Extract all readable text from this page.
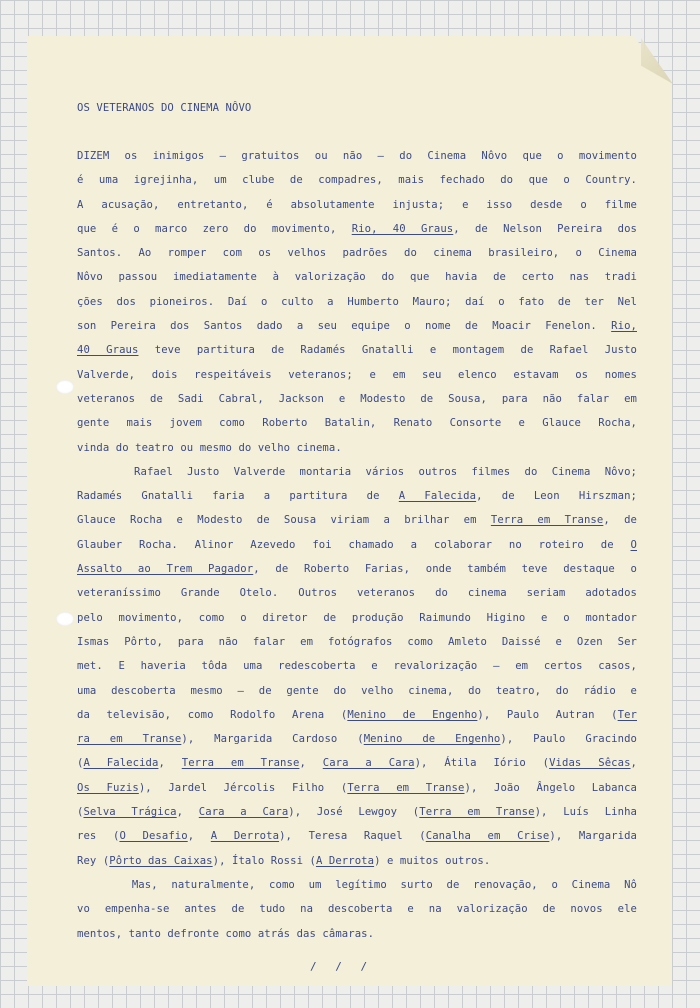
OS VETERANOS DO CINEMA NÔVO
DIZEM os inimigos — gratuitos ou não — do Cinema Nôvo que o movimento
é uma igrejinha, um clube de compadres, mais fechado do que o Country.
A acusação, entretanto, é absolutamente injusta; e isso desde o filme
que é o marco zero do movimento, Rio, 40 Graus, de Nelson Pereira dos
Santos. Ao romper com os velhos padrões do cinema brasileiro, o Cinema
Nôvo passou imediatamente à valorização do que havia de certo nas tradi
ções dos pioneiros. Daí o culto a Humberto Mauro; daí o fato de ter Nel
son Pereira dos Santos dado a seu equipe o nome de Moacir Fenelon. Rio,
40 Graus teve partitura de Radamés Gnatalli e montagem de Rafael Justo
Valverde, dois respeitáveis veteranos; e em seu elenco estavam os nomes
veteranos de Sadi Cabral, Jackson e Modesto de Sousa, para não falar em
gente mais jovem como Roberto Batalin, Renato Consorte e Glauce Rocha,
vinda do teatro ou mesmo do velho cinema.
Rafael Justo Valverde montaria vários outros filmes do Cinema Nôvo;
Radamés Gnatalli faria a partitura de A Falecida, de Leon Hirszman;
Glauce Rocha e Modesto de Sousa viriam a brilhar em Terra em Transe, de
Glauber Rocha. Alinor Azevedo foi chamado a colaborar no roteiro de O
Assalto ao Trem Pagador, de Roberto Farias, onde também teve destaque o
veteraníssimo Grande Otelo. Outros veteranos do cinema seriam adotados
pelo movimento, como o diretor de produção Raimundo Higino e o montador
Ismas Pôrto, para não falar em fotógrafos como Amleto Daissé e Ozen Ser
met. E haveria tôda uma redescoberta e revalorização — em certos casos,
uma descoberta mesmo — de gente do velho cinema, do teatro, do rádio e
da televisão, como Rodolfo Arena (Menino de Engenho), Paulo Autran (Ter
ra em Transe), Margarida Cardoso (Menino de Engenho), Paulo Gracindo
(A Falecida, Terra em Transe, Cara a Cara), Átila Iório (Vidas Sêcas,
Os Fuzis), Jardel Jércolis Filho (Terra em Transe), João Ângelo Labanca
(Selva Trágica, Cara a Cara), José Lewgoy (Terra em Transe), Luís Linha
res (O Desafio, A Derrota), Teresa Raquel (Canalha em Crise), Margarida
Rey (Pôrto das Caixas), Ítalo Rossi (A Derrota) e muitos outros.
Mas, naturalmente, como um legítimo surto de renovação, o Cinema Nô
vo empenha-se antes de tudo na descoberta e na valorização de novos ele
mentos, tanto defronte como atrás das câmaras.
/ / /
